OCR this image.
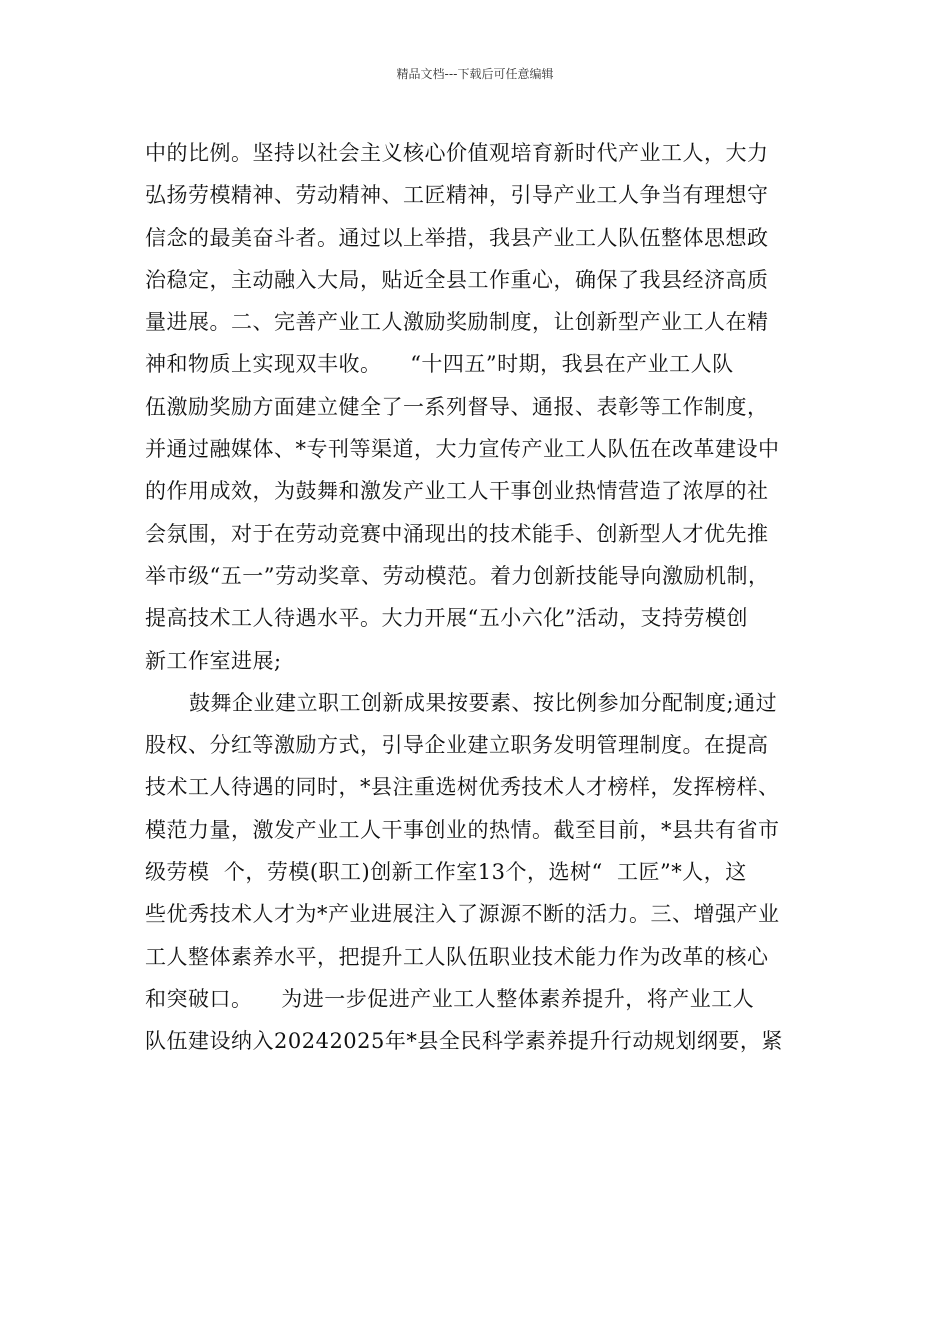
精品文档---下载后可任意编辑
中的比例。坚持以社会主义核心价值观培育新时代产业工人，大力
弘扬劳模精神、劳动精神、工匠精神，引导产业工人争当有理想守
信念的最美奋斗者。通过以上举措，我县产业工人队伍整体思想政
治稳定，主动融入大局，贴近全县工作重心，确保了我县经济高质
量进展。二、完善产业工人激励奖励制度，让创新型产业工人在精
神和物质上实现双丰收。    “十四五”时期，我县在产业工人队
伍激励奖励方面建立健全了一系列督导、通报、表彰等工作制度，
并通过融媒体、*专刊等渠道，大力宣传产业工人队伍在改革建设中
的作用成效，为鼓舞和激发产业工人干事创业热情营造了浓厚的社
会氛围，对于在劳动竞赛中涌现出的技术能手、创新型人才优先推
举市级“五一”劳动奖章、劳动模范。着力创新技能导向激励机制，
提高技术工人待遇水平。大力开展“五小六化”活动，支持劳模创
新工作室进展;
鼓舞企业建立职工创新成果按要素、按比例参加分配制度;通过
股权、分红等激励方式，引导企业建立职务发明管理制度。在提高
技术工人待遇的同时，*县注重选树优秀技术人才榜样，发挥榜样、
模范力量，激发产业工人干事创业的热情。截至目前，*县共有省市
级劳模  个，劳模(职工)创新工作室13个，选树“  工匠”*人，这
些优秀技术人才为*产业进展注入了源源不断的活力。三、增强产业
工人整体素养水平，把提升工人队伍职业技术能力作为改革的核心
和突破口。    为进一步促进产业工人整体素养提升，将产业工人
队伍建设纳入20242025年*县全民科学素养提升行动规划纲要，紧
